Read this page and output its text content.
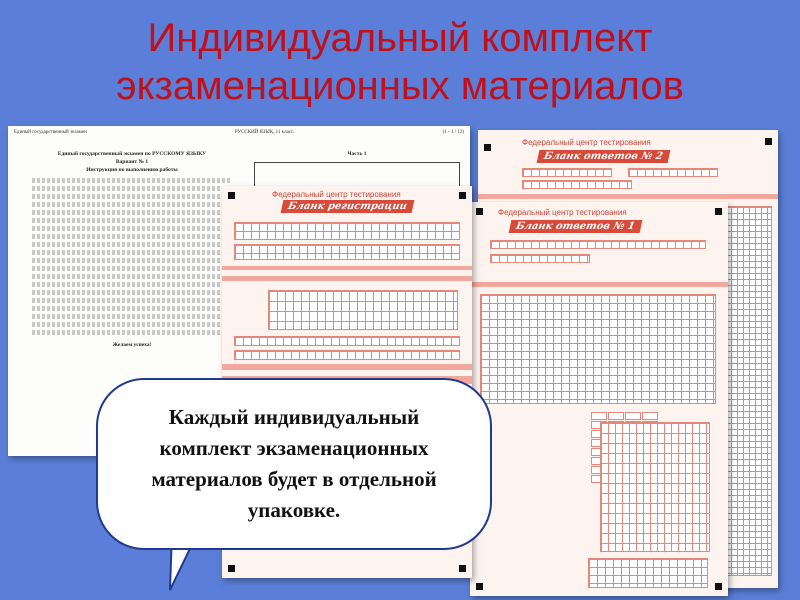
Индивидуальный комплект
экзаменационных материалов
Единый государственный экзамен	РУССКИЙ ЯЗЫК, 11 класс.	(1 - 1 / 12)
Единый государственный экзамен по РУССКОМУ ЯЗЫКУ
Вариант № 1
Инструкция по выполнению работы
Желаем успеха!
Часть 1
Федеральный центр тестирования
Бланк ответов № 2
Федеральный центр тестирования
Бланк ответов № 1
Федеральный центр тестирования
Бланк регистрации
Каждый индивидуальный комплект экзаменационных материалов будет в отдельной упаковке.
